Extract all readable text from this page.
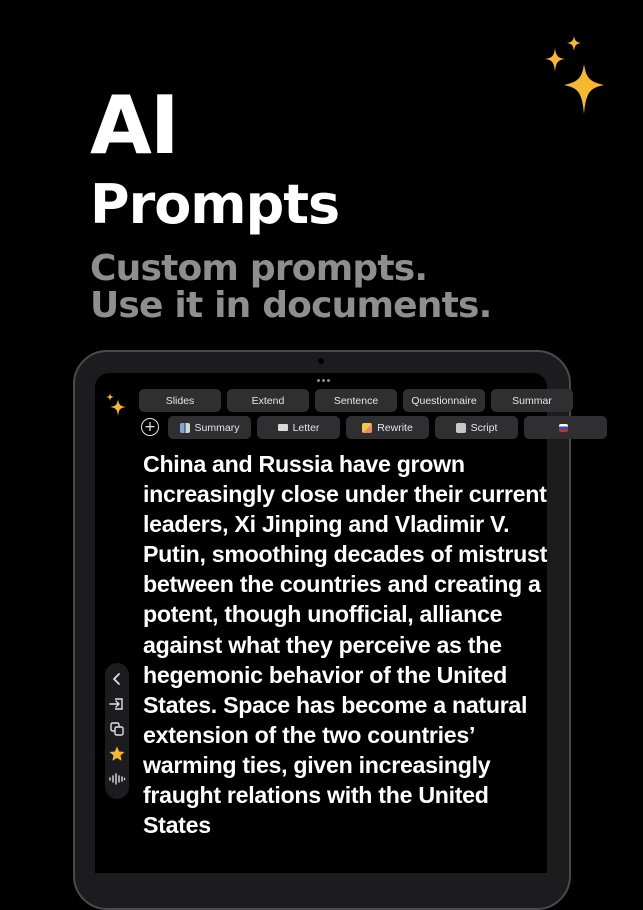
AI
Prompts
Custom prompts.
Use it in documents.
Slides	Extend	Sentence	Questionnaire	Summar
+	Summary	Letter	Rewrite	Script

China and Russia have grown increasingly close under their current leaders, Xi Jinping and Vladimir V. Putin, smoothing decades of mistrust between the countries and creating a potent, though unofficial, alliance against what they perceive as the hegemonic behavior of the United States. Space has become a natural extension of the two countries’ warming ties, given increasingly fraught relations with the United States
